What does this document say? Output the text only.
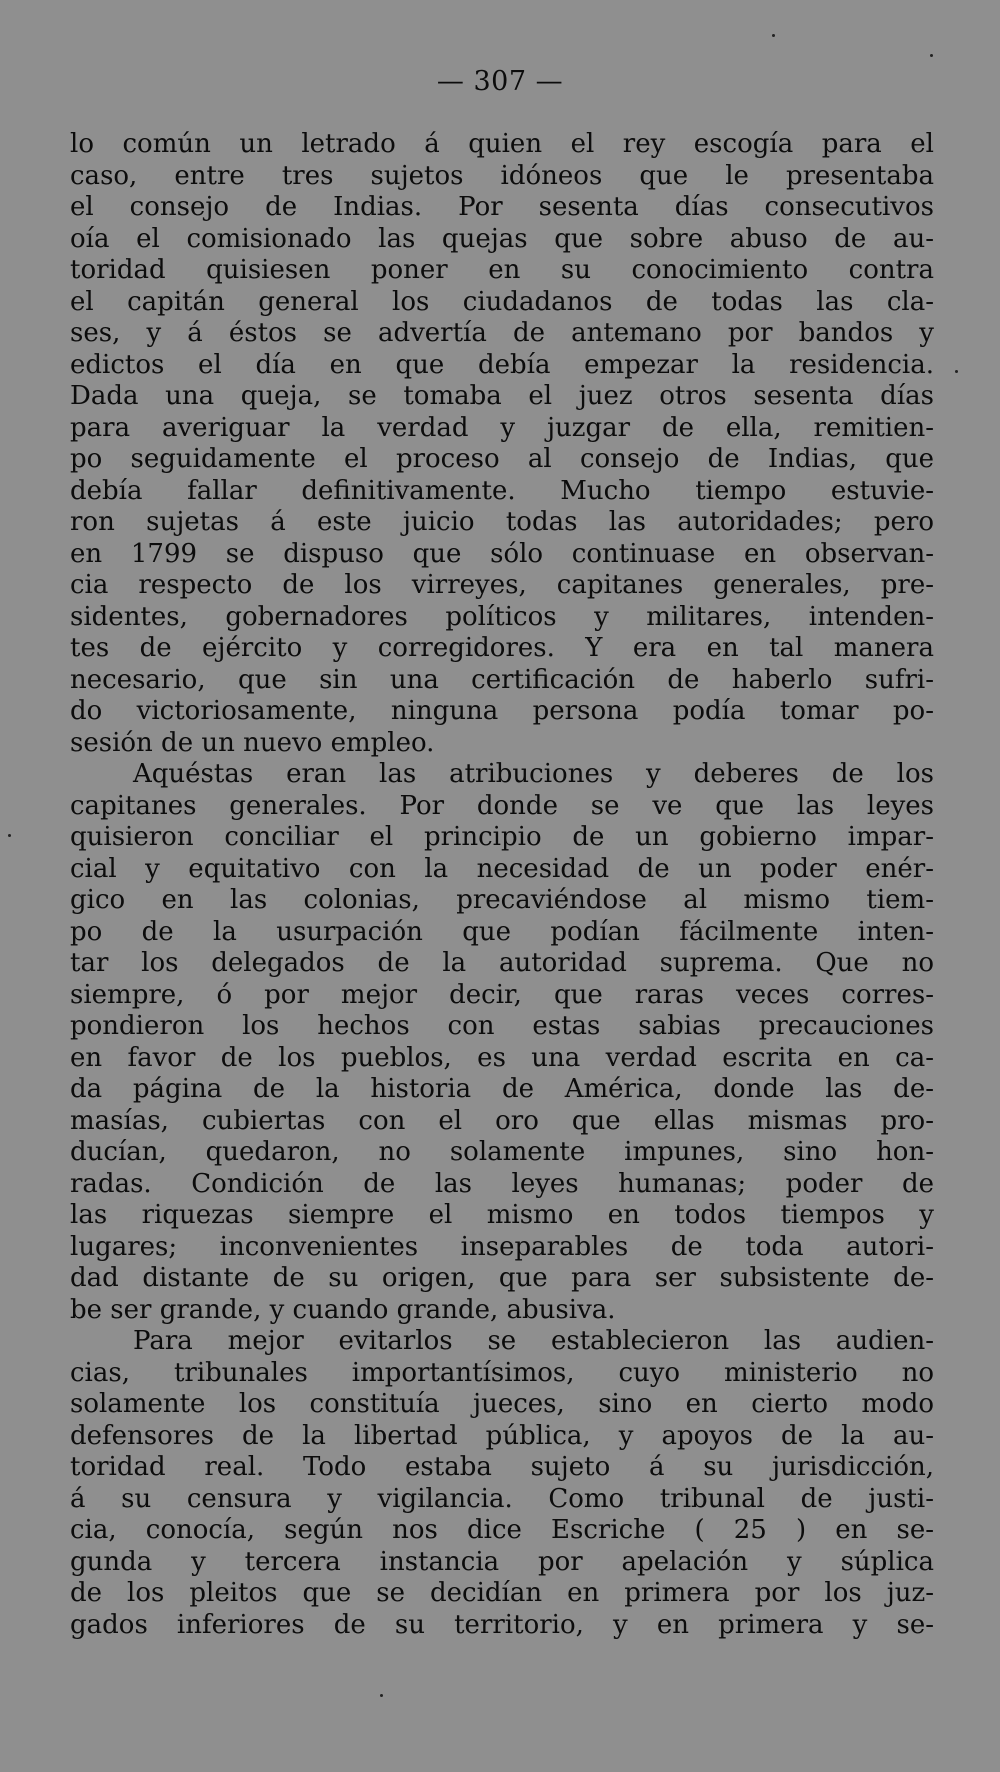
— 307 —
lo común un letrado á quien el rey escogía para el
caso, entre tres sujetos idóneos que le presentaba
el consejo de Indias. Por sesenta días consecutivos
oía el comisionado las quejas que sobre abuso de au-
toridad quisiesen poner en su conocimiento contra
el capitán general los ciudadanos de todas las cla-
ses, y á éstos se advertía de antemano por bandos y
edictos el día en que debía empezar la residencia.
Dada una queja, se tomaba el juez otros sesenta días
para averiguar la verdad y juzgar de ella, remitien-
po seguidamente el proceso al consejo de Indias, que
debía fallar definitivamente. Mucho tiempo estuvie-
ron sujetas á este juicio todas las autoridades; pero
en 1799 se dispuso que sólo continuase en observan-
cia respecto de los virreyes, capitanes generales, pre-
sidentes, gobernadores políticos y militares, intenden-
tes de ejército y corregidores. Y era en tal manera
necesario, que sin una certificación de haberlo sufri-
do victoriosamente, ninguna persona podía tomar po-
sesión de un nuevo empleo.
Aquéstas eran las atribuciones y deberes de los
capitanes generales. Por donde se ve que las leyes
quisieron conciliar el principio de un gobierno impar-
cial y equitativo con la necesidad de un poder enér-
gico en las colonias, precaviéndose al mismo tiem-
po de la usurpación que podían fácilmente inten-
tar los delegados de la autoridad suprema. Que no
siempre, ó por mejor decir, que raras veces corres-
pondieron los hechos con estas sabias precauciones
en favor de los pueblos, es una verdad escrita en ca-
da página de la historia de América, donde las de-
masías, cubiertas con el oro que ellas mismas pro-
ducían, quedaron, no solamente impunes, sino hon-
radas. Condición de las leyes humanas; poder de
las riquezas siempre el mismo en todos tiempos y
lugares; inconvenientes inseparables de toda autori-
dad distante de su origen, que para ser subsistente de-
be ser grande, y cuando grande, abusiva.
Para mejor evitarlos se establecieron las audien-
cias, tribunales importantísimos, cuyo ministerio no
solamente los constituía jueces, sino en cierto modo
defensores de la libertad pública, y apoyos de la au-
toridad real. Todo estaba sujeto á su jurisdicción,
á su censura y vigilancia. Como tribunal de justi-
cia, conocía, según nos dice Escriche ( 25 ) en se-
gunda y tercera instancia por apelación y súplica
de los pleitos que se decidían en primera por los juz-
gados inferiores de su territorio, y en primera y se-
